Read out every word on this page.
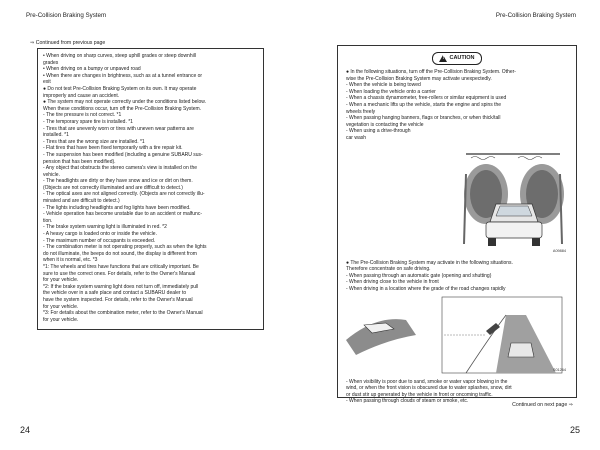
Pre-Collision Braking System	Pre-Collision Braking System
⇒ Continued from previous page
• When driving on sharp curves, steep uphill grades or steep downhill
grades
• When driving on a bumpy or unpaved road
• When there are changes in brightness, such as at a tunnel entrance or
exit
● Do not test Pre-Collision Braking System on its own. It may operate
improperly and cause an accident.
● The system may not operate correctly under the conditions listed below.
When these conditions occur, turn off the Pre-Collision Braking System.
- The tire pressure is not correct. *1
- The temporary spare tire is installed. *1
- Tires that are unevenly worn or tires with uneven wear patterns are
installed. *1
- Tires that are the wrong size are installed. *1
- Flat tires that have been fixed temporarily with a tire repair kit.
- The suspension has been modified (including a genuine SUBARU sus-
pension that has been modified).
- Any object that obstructs the stereo camera's view is installed on the
vehicle.
- The headlights are dirty or they have snow and ice or dirt on them.
(Objects are not correctly illuminated and are difficult to detect.)
- The optical axes are not aligned correctly. (Objects are not correctly illu-
minated and are difficult to detect.)
- The lights including headlights and fog lights have been modified.
- Vehicle operation has become unstable due to an accident or malfunc-
tion.
- The brake system warning light is illuminated in red. *2
- A heavy cargo is loaded onto or inside the vehicle.
- The maximum number of occupants is exceeded.
- The combination meter is not operating properly, such as when the lights
do not illuminate, the beeps do not sound, the display is different from
when it is normal, etc. *3
*1: The wheels and tires have functions that are critically important. Be
sure to use the correct ones. For details, refer to the Owner's Manual
for your vehicle.
*2: If the brake system warning light does not turn off, immediately pull
the vehicle over in a safe place and contact a SUBARU dealer to
have the system inspected. For details, refer to the Owner's Manual
for your vehicle.
*3: For details about the combination meter, refer to the Owner's Manual
for your vehicle.
! CAUTION
● In the following situations, turn off the Pre-Collision Braking System. Other-
wise the Pre-Collision Braking System may activate unexpectedly.
- When the vehicle is being towed
- When loading the vehicle onto a carrier
- When a chassis dynamometer, free-rollers or similar equipment is used
- When a mechanic lifts up the vehicle, starts the engine and spins the
wheels freely
- When passing hanging banners, flags or branches, or when thick/tall
vegetation is contacting the vehicle
- When using a drive-through
car wash
A09884
● The Pre-Collision Braking System may activate in the following situations.
Therefore concentrate on safe driving.
- When passing through an automatic gate (opening and shutting)
- When driving close to the vehicle in front
- When driving in a location where the grade of the road changes rapidly
S01264
- When visibility is poor due to sand, smoke or water vapor blowing in the
wind, or when the front vision is obscured due to water splashes, snow, dirt
or dust stir up generated by the vehicle in front or oncoming traffic.
- When passing through clouds of steam or smoke, etc.
Continued on next page ⇒
24	25
